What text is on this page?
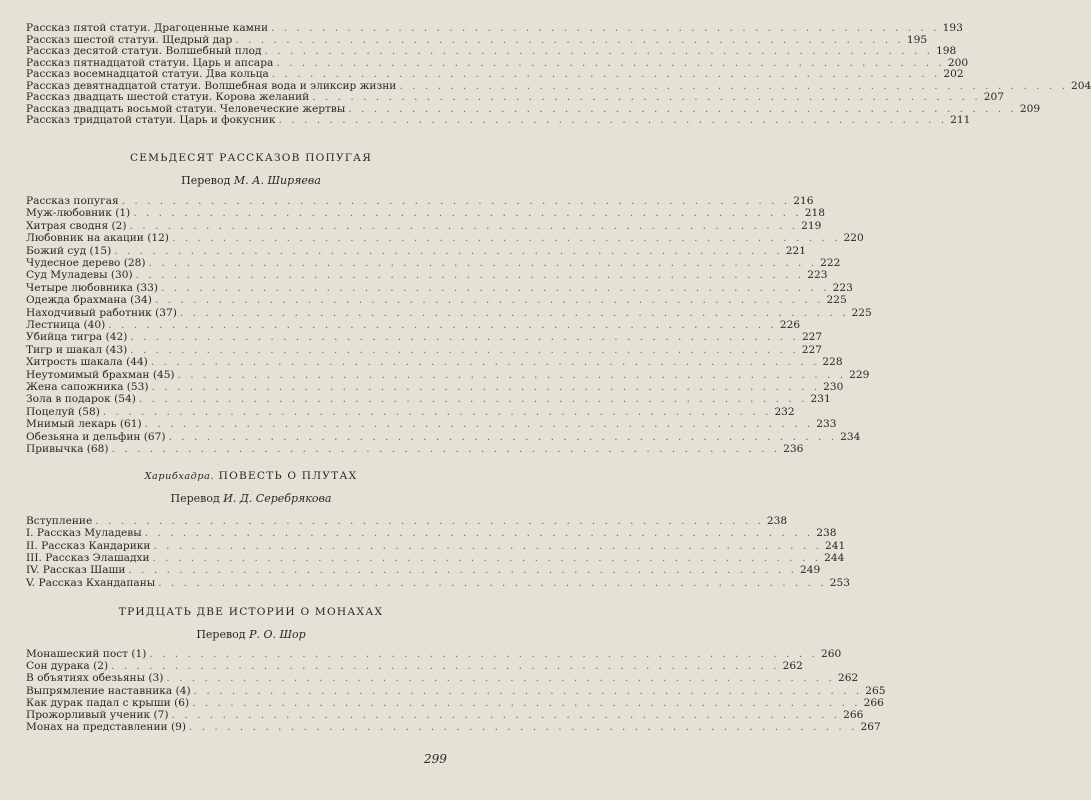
Рассказ пятой статуи. Драгоценные камни . . . . . . . . . . . . . . . . . . . . . . . . . . . . . . . . . . . . . . . . . . . . . . . . . . . . . 193
Рассказ шестой статуи. Щедрый дар . . . . . . . . . . . . . . . . . . . . . . . . . . . . . . . . . . . . . . . . . . . . . . . . . . . . . 195
Рассказ десятой статуи. Волшебный плод . . . . . . . . . . . . . . . . . . . . . . . . . . . . . . . . . . . . . . . . . . . . . . . . . . . . . 198
Рассказ пятнадцатой статуи. Царь и апсара . . . . . . . . . . . . . . . . . . . . . . . . . . . . . . . . . . . . . . . . . . . . . . . . . . . . . 200
Рассказ восемнадцатой статуи. Два кольца . . . . . . . . . . . . . . . . . . . . . . . . . . . . . . . . . . . . . . . . . . . . . . . . . . . . . 202
Рассказ девятнадцатой статуи. Волшебная вода и эликсир жизни . . . . . . . . . . . . . . . . . . . . . . . . . . . . . . . . . . . . . . . . . . . . . . . . . . . . . 204
Рассказ двадцать шестой статуи. Корова желаний . . . . . . . . . . . . . . . . . . . . . . . . . . . . . . . . . . . . . . . . . . . . . . . . . . . . . 207
Рассказ двадцать восьмой статуи. Человеческие жертвы . . . . . . . . . . . . . . . . . . . . . . . . . . . . . . . . . . . . . . . . . . . . . . . . . . . . . 209
Рассказ тридцатой статуи. Царь и фокусник . . . . . . . . . . . . . . . . . . . . . . . . . . . . . . . . . . . . . . . . . . . . . . . . . . . . . 211
СЕМЬДЕСЯТ РАССКАЗОВ ПОПУГАЯ
Перевод М. А. Ширяева
Рассказ попугая . . . . . . . . . . . . . . . . . . . . . . . . . . . . . . . . . . . . . . . . . . . . . . . . . . . . . 216
Муж-любовник (1) . . . . . . . . . . . . . . . . . . . . . . . . . . . . . . . . . . . . . . . . . . . . . . . . . . . . . 218
Хитрая сводня (2) . . . . . . . . . . . . . . . . . . . . . . . . . . . . . . . . . . . . . . . . . . . . . . . . . . . . . 219
Любовник на акации (12) . . . . . . . . . . . . . . . . . . . . . . . . . . . . . . . . . . . . . . . . . . . . . . . . . . . . . 220
Божий суд (15) . . . . . . . . . . . . . . . . . . . . . . . . . . . . . . . . . . . . . . . . . . . . . . . . . . . . . 221
Чудесное дерево (28) . . . . . . . . . . . . . . . . . . . . . . . . . . . . . . . . . . . . . . . . . . . . . . . . . . . . . 222
Суд Муладевы (30) . . . . . . . . . . . . . . . . . . . . . . . . . . . . . . . . . . . . . . . . . . . . . . . . . . . . . 223
Четыре любовника (33) . . . . . . . . . . . . . . . . . . . . . . . . . . . . . . . . . . . . . . . . . . . . . . . . . . . . . 223
Одежда брахмана (34) . . . . . . . . . . . . . . . . . . . . . . . . . . . . . . . . . . . . . . . . . . . . . . . . . . . . . 225
Находчивый работник (37) . . . . . . . . . . . . . . . . . . . . . . . . . . . . . . . . . . . . . . . . . . . . . . . . . . . . . 225
Лестница (40) . . . . . . . . . . . . . . . . . . . . . . . . . . . . . . . . . . . . . . . . . . . . . . . . . . . . . 226
Убийца тигра (42) . . . . . . . . . . . . . . . . . . . . . . . . . . . . . . . . . . . . . . . . . . . . . . . . . . . . . 227
Тигр и шакал (43) . . . . . . . . . . . . . . . . . . . . . . . . . . . . . . . . . . . . . . . . . . . . . . . . . . . . . 227
Хитрость шакала (44) . . . . . . . . . . . . . . . . . . . . . . . . . . . . . . . . . . . . . . . . . . . . . . . . . . . . . 228
Неутомимый брахман (45) . . . . . . . . . . . . . . . . . . . . . . . . . . . . . . . . . . . . . . . . . . . . . . . . . . . . . 229
Жена сапожника (53) . . . . . . . . . . . . . . . . . . . . . . . . . . . . . . . . . . . . . . . . . . . . . . . . . . . . . 230
Зола в подарок (54) . . . . . . . . . . . . . . . . . . . . . . . . . . . . . . . . . . . . . . . . . . . . . . . . . . . . . 231
Поцелуй (58) . . . . . . . . . . . . . . . . . . . . . . . . . . . . . . . . . . . . . . . . . . . . . . . . . . . . . 232
Мнимый лекарь (61) . . . . . . . . . . . . . . . . . . . . . . . . . . . . . . . . . . . . . . . . . . . . . . . . . . . . . 233
Обезьяна и дельфин (67) . . . . . . . . . . . . . . . . . . . . . . . . . . . . . . . . . . . . . . . . . . . . . . . . . . . . . 234
Привычка (68) . . . . . . . . . . . . . . . . . . . . . . . . . . . . . . . . . . . . . . . . . . . . . . . . . . . . . 236
Харибхадра. ПОВЕСТЬ О ПЛУТАХ
Перевод И. Д. Серебрякова
Вступление . . . . . . . . . . . . . . . . . . . . . . . . . . . . . . . . . . . . . . . . . . . . . . . . . . . . . 238
I. Рассказ Муладевы . . . . . . . . . . . . . . . . . . . . . . . . . . . . . . . . . . . . . . . . . . . . . . . . . . . . . 238
II. Рассказ Кандарики . . . . . . . . . . . . . . . . . . . . . . . . . . . . . . . . . . . . . . . . . . . . . . . . . . . . . 241
III. Рассказ Элашадхи . . . . . . . . . . . . . . . . . . . . . . . . . . . . . . . . . . . . . . . . . . . . . . . . . . . . . 244
IV. Рассказ Шаши . . . . . . . . . . . . . . . . . . . . . . . . . . . . . . . . . . . . . . . . . . . . . . . . . . . . . 249
V. Рассказ Кхандапаны . . . . . . . . . . . . . . . . . . . . . . . . . . . . . . . . . . . . . . . . . . . . . . . . . . . . . 253
ТРИДЦАТЬ ДВЕ ИСТОРИИ О МОНАХАХ
Перевод Р. О. Шор
Монашеский пост (1) . . . . . . . . . . . . . . . . . . . . . . . . . . . . . . . . . . . . . . . . . . . . . . . . . . . . . 260
Сон дурака (2) . . . . . . . . . . . . . . . . . . . . . . . . . . . . . . . . . . . . . . . . . . . . . . . . . . . . . 262
В объятиях обезьяны (3) . . . . . . . . . . . . . . . . . . . . . . . . . . . . . . . . . . . . . . . . . . . . . . . . . . . . . 262
Выпрямление наставника (4) . . . . . . . . . . . . . . . . . . . . . . . . . . . . . . . . . . . . . . . . . . . . . . . . . . . . . 265
Как дурак падал с крыши (6) . . . . . . . . . . . . . . . . . . . . . . . . . . . . . . . . . . . . . . . . . . . . . . . . . . . . . 266
Прожорливый ученик (7) . . . . . . . . . . . . . . . . . . . . . . . . . . . . . . . . . . . . . . . . . . . . . . . . . . . . . 266
Монах на представлении (9) . . . . . . . . . . . . . . . . . . . . . . . . . . . . . . . . . . . . . . . . . . . . . . . . . . . . . 267
299
